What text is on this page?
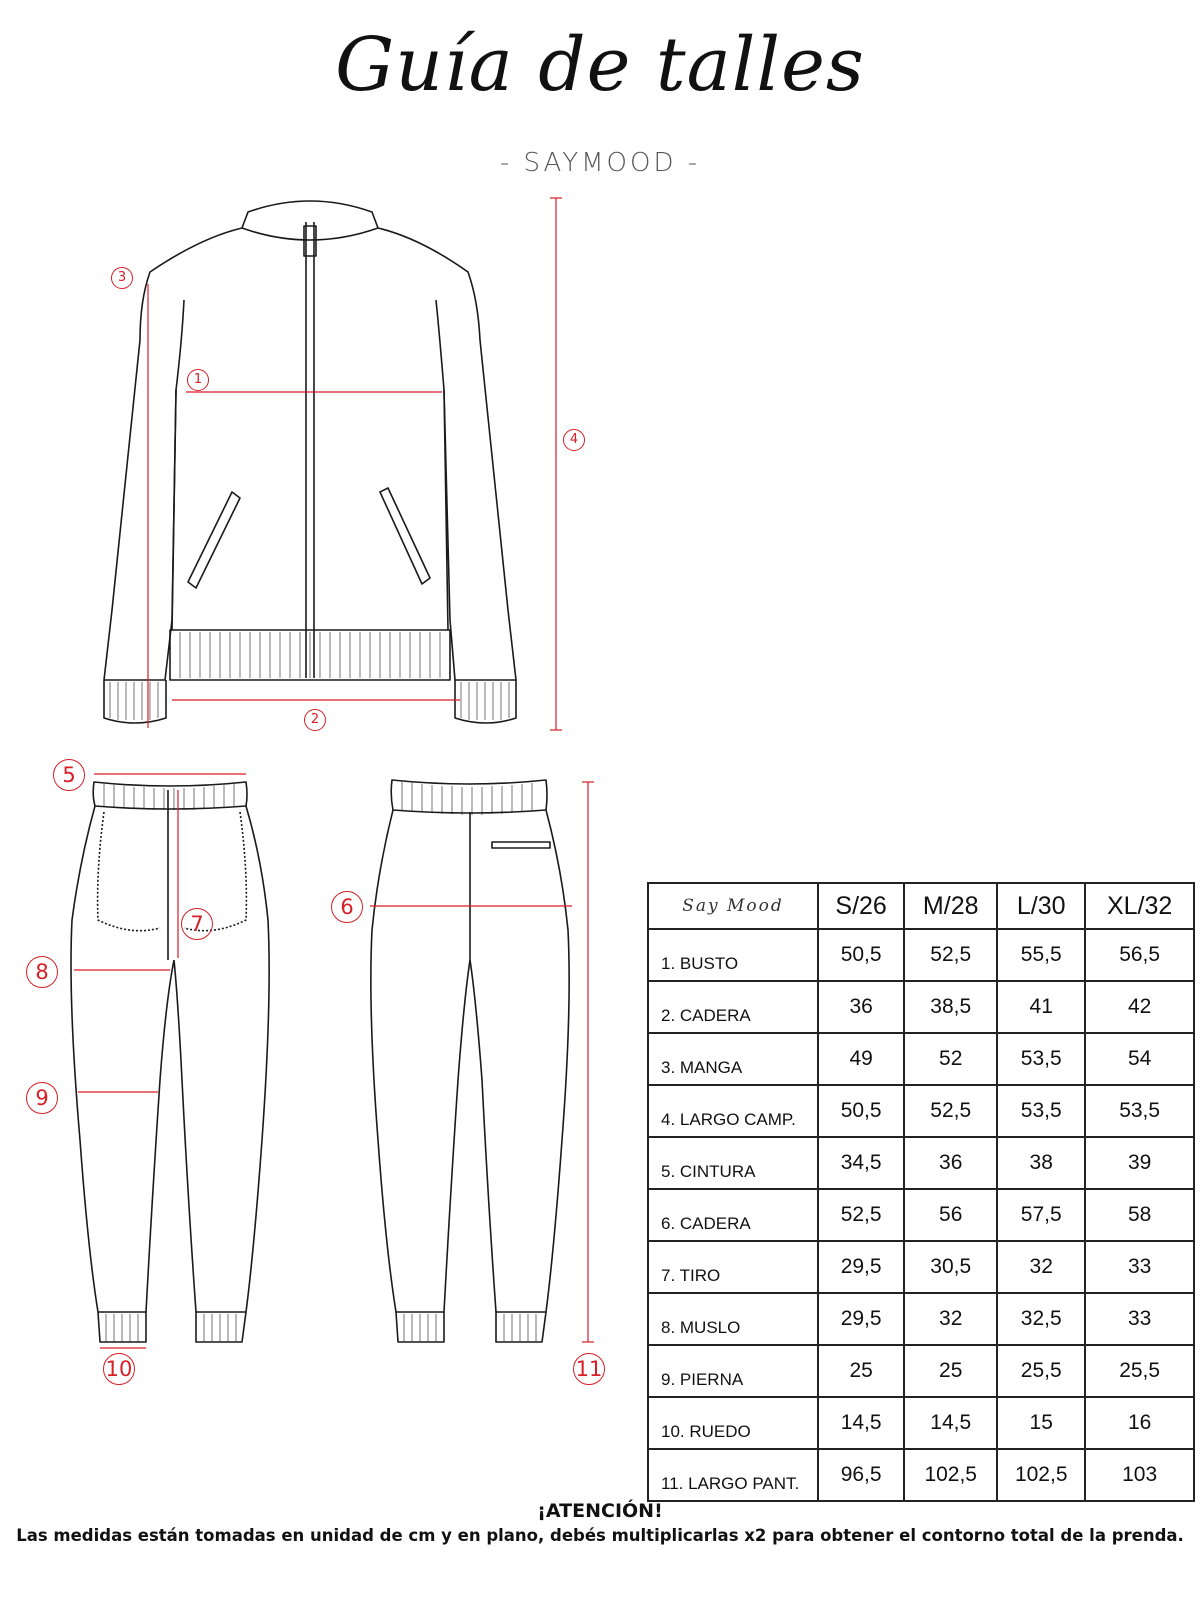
Guía de talles
- SAYMOOD -
3
1
4
2
5
6
7
8
9
10	11
Say Mood	S/26	M/28	L/30	XL/32
1. BUSTO	50,5	52,5	55,5	56,5
2. CADERA	36	38,5	41	42
3. MANGA	49	52	53,5	54
4. LARGO CAMP.	50,5	52,5	53,5	53,5
5. CINTURA	34,5	36	38	39
6. CADERA	52,5	56	57,5	58
7. TIRO	29,5	30,5	32	33
8. MUSLO	29,5	32	32,5	33
9. PIERNA	25	25	25,5	25,5
10. RUEDO	14,5	14,5	15	16
11. LARGO PANT.	96,5	102,5	102,5	103
¡ATENCIÓN!
Las medidas están tomadas en unidad de cm y en plano, debés multiplicarlas x2 para obtener el contorno total de la prenda.
